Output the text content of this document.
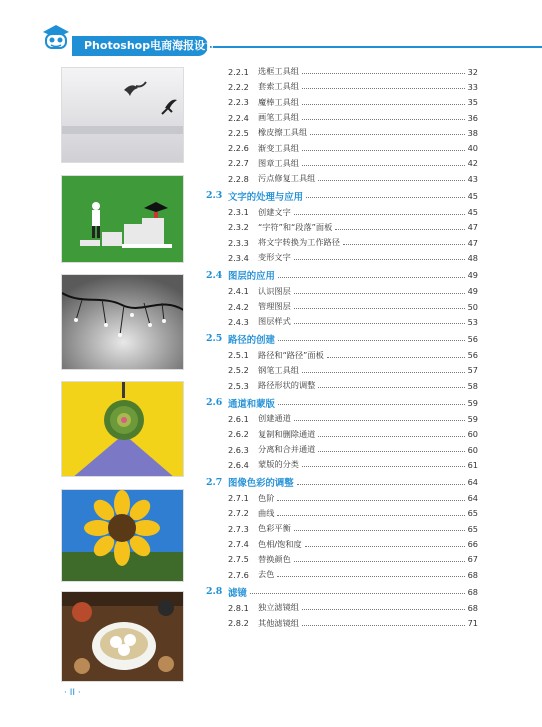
Photoshop电商海报设计
2.2.1 选框工具组	32
2.2.2 套索工具组	33
2.2.3 魔棒工具组	35
2.2.4 画笔工具组	36
2.2.5 橡皮擦工具组	38
2.2.6 渐变工具组	40
2.2.7 图章工具组	42
2.2.8 污点修复工具组	43
2.3 文字的处理与应用	45
2.3.1 创建文字	45
2.3.2 “字符”和“段落”面板	47
2.3.3 将文字转换为工作路径	47
2.3.4 变形文字	48
2.4 图层的应用	49
2.4.1 认识图层	49
2.4.2 管理图层	50
2.4.3 图层样式	53
2.5 路径的创建	56
2.5.1 路径和“路径”面板	56
2.5.2 钢笔工具组	57
2.5.3 路径形状的调整	58
2.6 通道和蒙版	59
2.6.1 创建通道	59
2.6.2 复制和删除通道	60
2.6.3 分离和合并通道	60
2.6.4 蒙版的分类	61
2.7 图像色彩的调整	64
2.7.1 色阶	64
2.7.2 曲线	65
2.7.3 色彩平衡	65
2.7.4 色相/饱和度	66
2.7.5 替换颜色	67
2.7.6 去色	68
2.8 滤镜	68
2.8.1 独立滤镜组	68
2.8.2 其他滤镜组	71
· II ·
